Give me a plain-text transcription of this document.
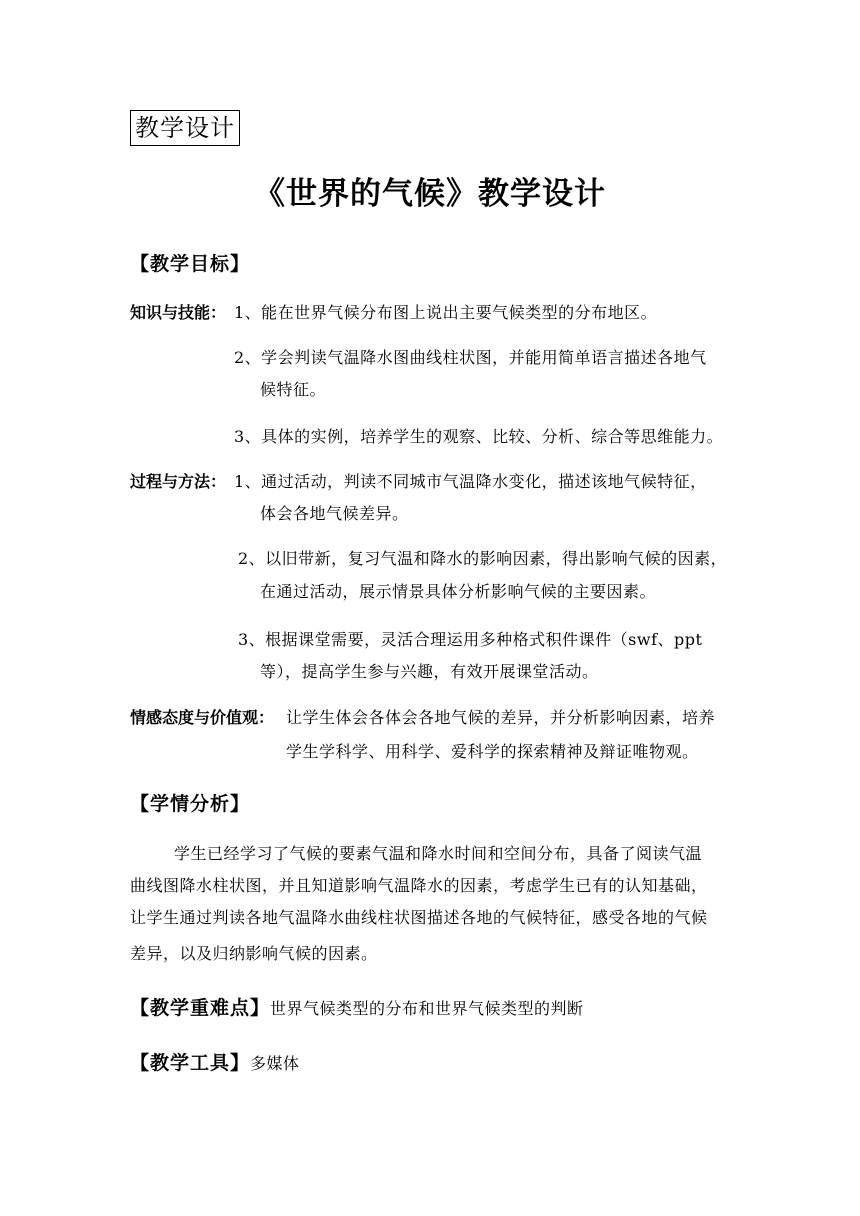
教学设计
《世界的气候》教学设计
【教学目标】
知识与技能： 1、能在世界气候分布图上说出主要气候类型的分布地区。
2、学会判读气温降水图曲线柱状图，并能用简单语言描述各地气
候特征。
3、具体的实例，培养学生的观察、比较、分析、综合等思维能力。
过程与方法： 1、通过活动，判读不同城市气温降水变化，描述该地气候特征，
体会各地气候差异。
2、以旧带新，复习气温和降水的影响因素，得出影响气候的因素，
在通过活动，展示情景具体分析影响气候的主要因素。
3、根据课堂需要，灵活合理运用多种格式积件课件（swf、ppt
等），提高学生参与兴趣，有效开展课堂活动。
情感态度与价值观： 让学生体会各体会各地气候的差异，并分析影响因素，培养
学生学科学、用科学、爱科学的探索精神及辩证唯物观。
【学情分析】
学生已经学习了气候的要素气温和降水时间和空间分布，具备了阅读气温
曲线图降水柱状图，并且知道影响气温降水的因素，考虑学生已有的认知基础，
让学生通过判读各地气温降水曲线柱状图描述各地的气候特征，感受各地的气候
差异，以及归纳影响气候的因素。
【教学重难点】世界气候类型的分布和世界气候类型的判断
【教学工具】多媒体
